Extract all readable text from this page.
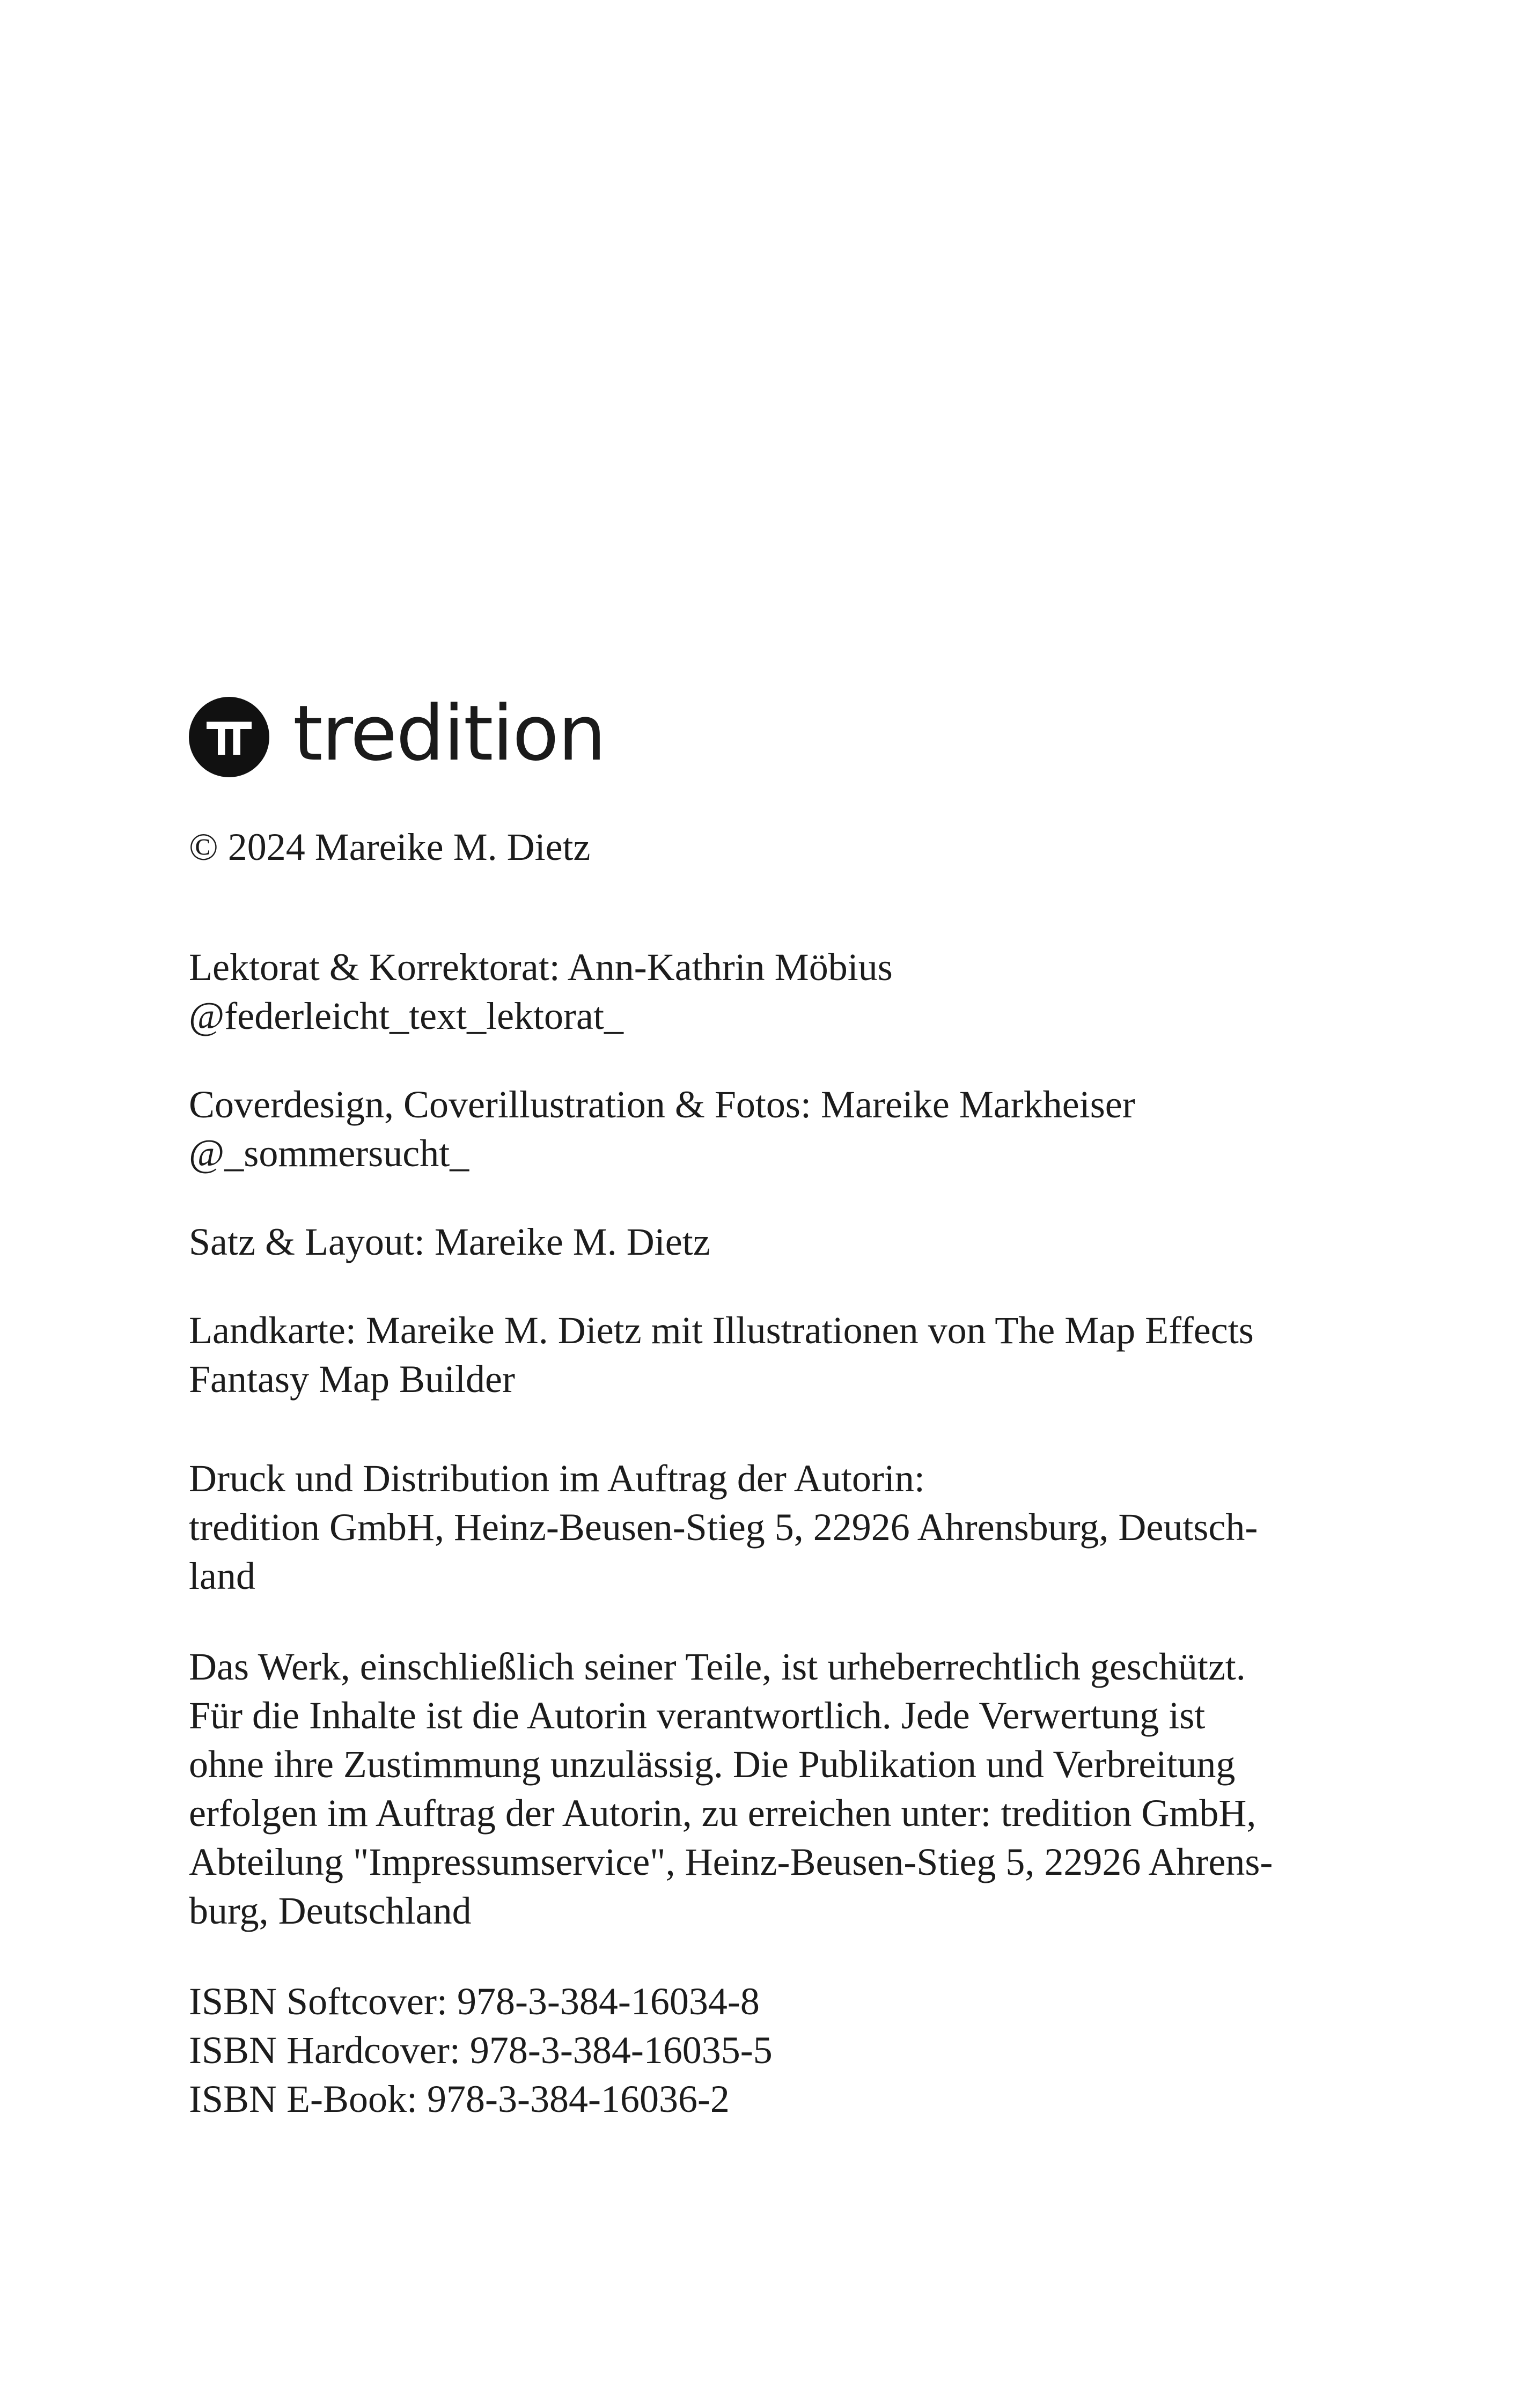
tredition

© 2024 Mareike M. Dietz

Lektorat & Korrektorat: Ann-Kathrin Möbius
@federleicht_text_lektorat_

Coverdesign, Coverillustration & Fotos: Mareike Markheiser
@_sommersucht_

Satz & Layout: Mareike M. Dietz

Landkarte: Mareike M. Dietz mit Illustrationen von The Map Effects
Fantasy Map Builder

Druck und Distribution im Auftrag der Autorin:
tredition GmbH, Heinz-Beusen-Stieg 5, 22926 Ahrensburg, Deutsch-
land

Das Werk, einschließlich seiner Teile, ist urheberrechtlich geschützt.
Für die Inhalte ist die Autorin verantwortlich. Jede Verwertung ist
ohne ihre Zustimmung unzulässig. Die Publikation und Verbreitung
erfolgen im Auftrag der Autorin, zu erreichen unter: tredition GmbH,
Abteilung "Impressumservice", Heinz-Beusen-Stieg 5, 22926 Ahrens-
burg, Deutschland

ISBN Softcover: 978-3-384-16034-8
ISBN Hardcover: 978-3-384-16035-5
ISBN E-Book: 978-3-384-16036-2
